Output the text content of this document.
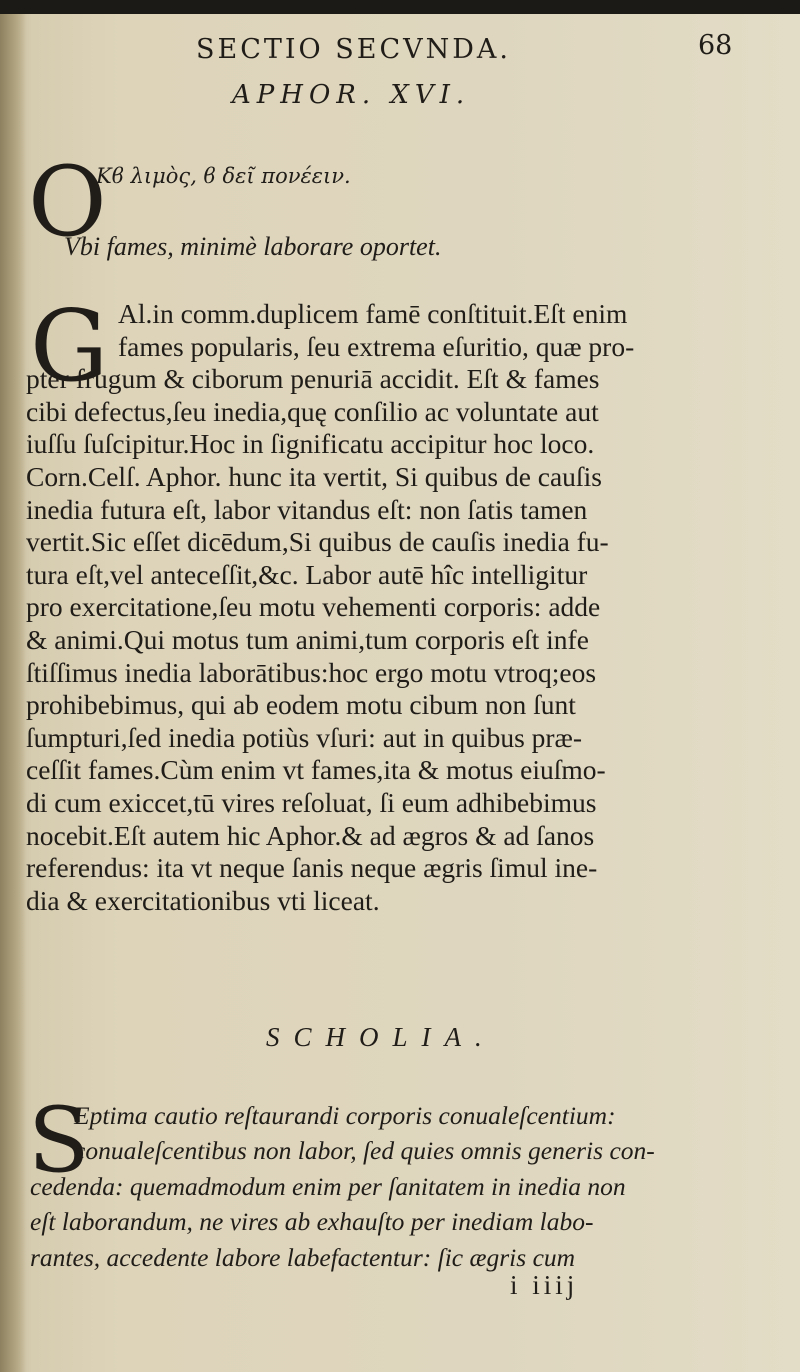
SECTIO SECVNDA.	68
APHOR. XVI.
O
Κϐ λιμὸς, ϐ δεῖ πονέειν.
Vbi fames, minimè laborare oportet.
G Al.in comm.duplicem famē conſtituit.Eſt enim
fames popularis, ſeu extrema eſuritio, quæ pro-
pter frugum & ciborum penuriā accidit. Eſt & fames
cibi defectus,ſeu inedia,quę conſilio ac voluntate aut
iuſſu ſuſcipitur.Hoc in ſignificatu accipitur hoc loco.
Corn.Celſ. Aphor. hunc ita vertit, Si quibus de cauſis
inedia futura eſt, labor vitandus eſt: non ſatis tamen
vertit.Sic eſſet dicēdum,Si quibus de cauſis inedia fu-
tura eſt,vel anteceſſit,&c. Labor autē hîc intelligitur
pro exercitatione,ſeu motu vehementi corporis: adde
& animi.Qui motus tum animi,tum corporis eſt infe
ſtiſſimus inedia laborātibus:hoc ergo motu vtroq;eos
prohibebimus, qui ab eodem motu cibum non ſunt
ſumpturi,ſed inedia potiùs vſuri: aut in quibus præ-
ceſſit fames.Cùm enim vt fames,ita & motus eiuſmo-
di cum exiccet,tū vires reſoluat, ſi eum adhibebimus
nocebit.Eſt autem hic Aphor.& ad ægros & ad ſanos
referendus: ita vt neque ſanis neque ægris ſimul ine-
dia & exercitationibus vti liceat.
SCHOLIA.
S
Eptima cautio reſtaurandi corporis conualeſcentium:
conualeſcentibus non labor, ſed quies omnis generis con-
cedenda: quemadmodum enim per ſanitatem in inedia non
eſt laborandum, ne vires ab exhauſto per inediam labo-
rantes, accedente labore labefactentur: ſic ægris cum
i iiij
